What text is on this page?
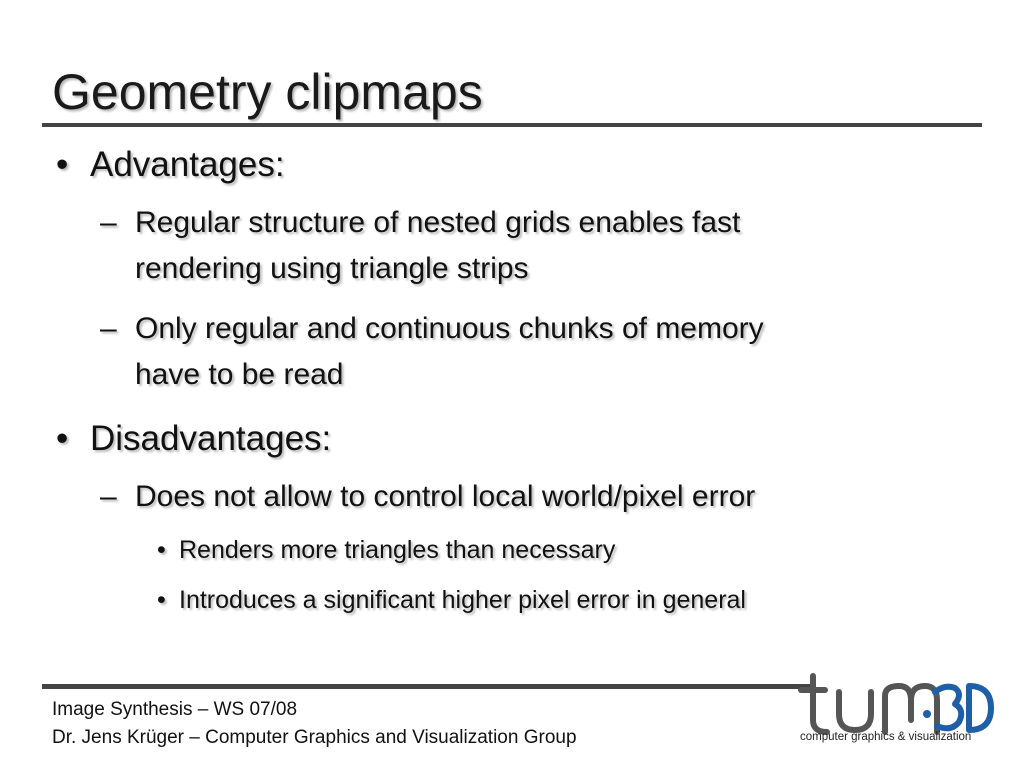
Geometry clipmaps
• Advantages:
– Regular structure of nested grids enables fast
rendering using triangle strips
– Only regular and continuous chunks of memory
have to be read
• Disadvantages:
– Does not allow to control local world/pixel error
• Renders more triangles than necessary
• Introduces a significant higher pixel error in general
Image Synthesis – WS 07/08
Dr. Jens Krüger – Computer Graphics and Visualization Group	computer graphics & visualization
